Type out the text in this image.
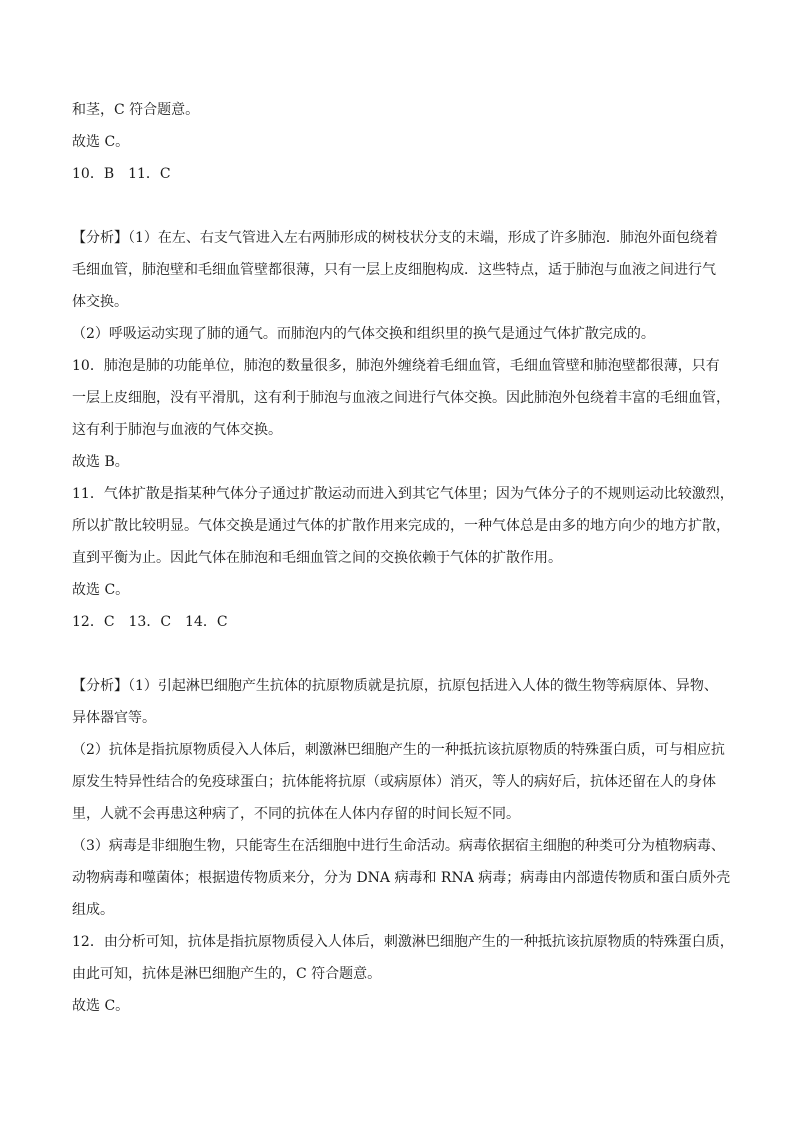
和茎，C 符合题意。
故选 C。
10．B　11．C
【分析】（1）在左、右支气管进入左右两肺形成的树枝状分支的末端，形成了许多肺泡．肺泡外面包绕着
毛细血管，肺泡壁和毛细血管壁都很薄，只有一层上皮细胞构成．这些特点，适于肺泡与血液之间进行气
体交换。
（2）呼吸运动实现了肺的通气。而肺泡内的气体交换和组织里的换气是通过气体扩散完成的。
10．肺泡是肺的功能单位，肺泡的数量很多，肺泡外缠绕着毛细血管，毛细血管壁和肺泡壁都很薄，只有
一层上皮细胞，没有平滑肌，这有利于肺泡与血液之间进行气体交换。因此肺泡外包绕着丰富的毛细血管，
这有利于肺泡与血液的气体交换。
故选 B。
11．气体扩散是指某种气体分子通过扩散运动而进入到其它气体里；因为气体分子的不规则运动比较激烈，
所以扩散比较明显。气体交换是通过气体的扩散作用来完成的，一种气体总是由多的地方向少的地方扩散，
直到平衡为止。因此气体在肺泡和毛细血管之间的交换依赖于气体的扩散作用。
故选 C。
12．C　13．C　14．C
【分析】（1）引起淋巴细胞产生抗体的抗原物质就是抗原，抗原包括进入人体的微生物等病原体、异物、
异体器官等。
（2）抗体是指抗原物质侵入人体后，刺激淋巴细胞产生的一种抵抗该抗原物质的特殊蛋白质，可与相应抗
原发生特异性结合的免疫球蛋白；抗体能将抗原（或病原体）消灭，等人的病好后，抗体还留在人的身体
里，人就不会再患这种病了，不同的抗体在人体内存留的时间长短不同。
（3）病毒是非细胞生物，只能寄生在活细胞中进行生命活动。病毒依据宿主细胞的种类可分为植物病毒、
动物病毒和噬菌体；根据遗传物质来分，分为 DNA 病毒和 RNA 病毒；病毒由内部遗传物质和蛋白质外壳
组成。
12．由分析可知，抗体是指抗原物质侵入人体后，刺激淋巴细胞产生的一种抵抗该抗原物质的特殊蛋白质，
由此可知，抗体是淋巴细胞产生的，C 符合题意。
故选 C。
